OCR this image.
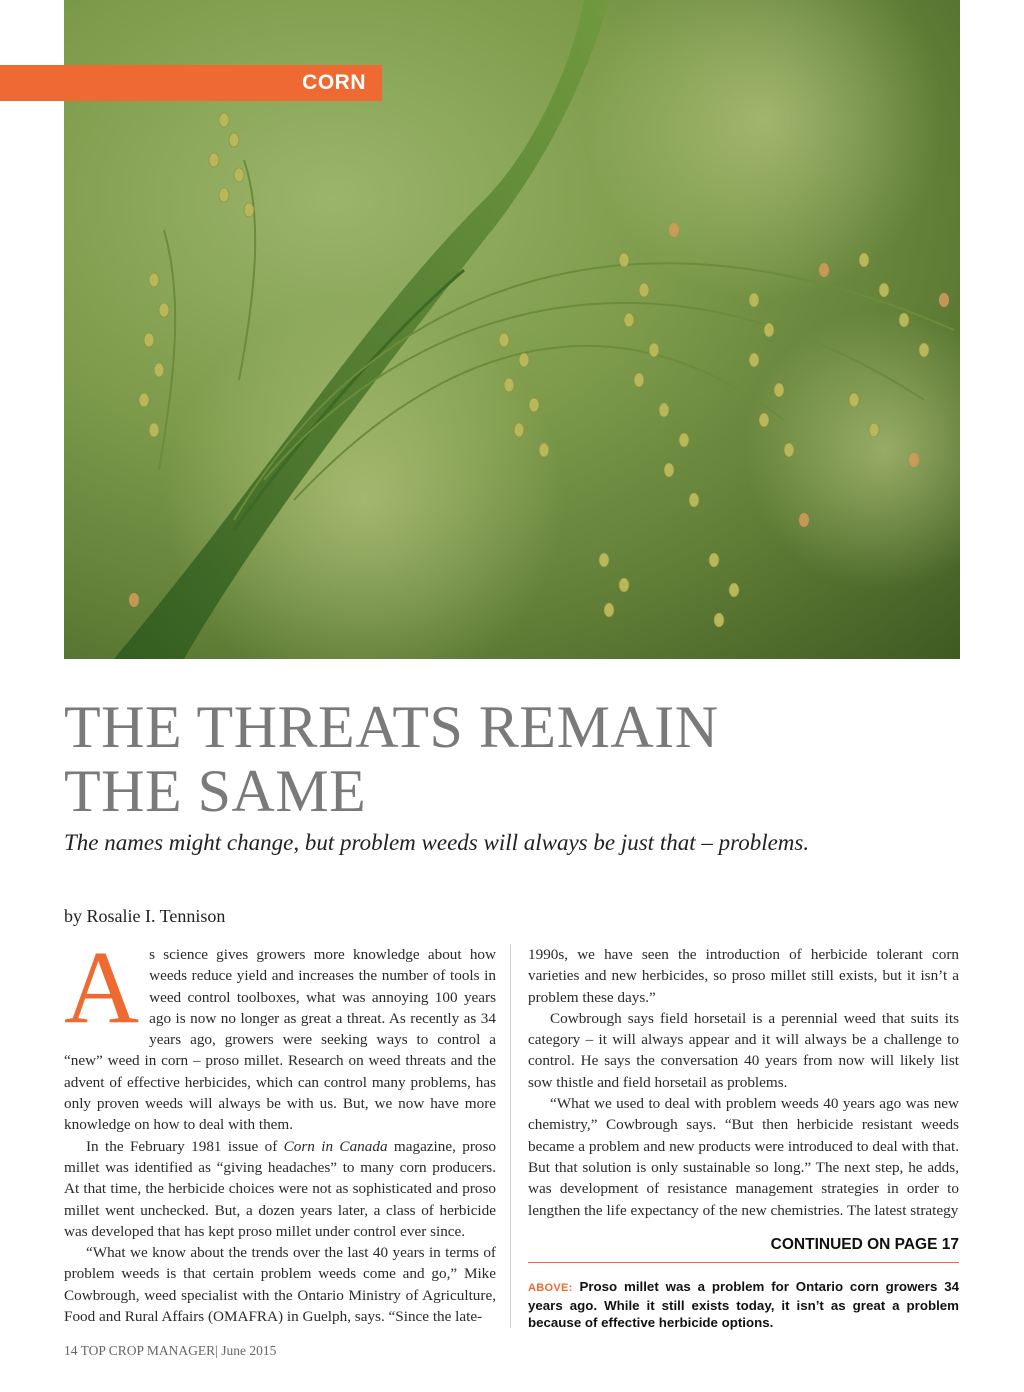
CORN
THE THREATS REMAIN
THE SAME

The names might change, but problem weeds will always be just that – problems.

by Rosalie I. Tennison

As science gives growers more knowledge about how weeds reduce yield and increases the number of tools in weed control toolboxes, what was annoying 100 years ago is now no longer as great a threat. As recently as 34 years ago, growers were seeking ways to control a “new” weed in corn – proso millet. Research on weed threats and the advent of effective herbicides, which can control many problems, has only proven weeds will always be with us. But, we now have more knowledge on how to deal with them.

In the February 1981 issue of Corn in Canada magazine, proso millet was identified as “giving headaches” to many corn producers. At that time, the herbicide choices were not as sophisticated and proso millet went unchecked. But, a dozen years later, a class of herbicide was developed that has kept proso millet under control ever since.

“What we know about the trends over the last 40 years in terms of problem weeds is that certain problem weeds come and go,” Mike Cowbrough, weed specialist with the Ontario Ministry of Agriculture, Food and Rural Affairs (OMAFRA) in Guelph, says. “Since the late-

1990s, we have seen the introduction of herbicide tolerant corn varieties and new herbicides, so proso millet still exists, but it isn’t a problem these days.”

Cowbrough says field horsetail is a perennial weed that suits its category – it will always appear and it will always be a challenge to control. He says the conversation 40 years from now will likely list sow thistle and field horsetail as problems.

“What we used to deal with problem weeds 40 years ago was new chemistry,” Cowbrough says. “But then herbicide resistant weeds became a problem and new products were introduced to deal with that. But that solution is only sustainable so long.” The next step, he adds, was development of resistance management strategies in order to lengthen the life expectancy of the new chemistries. The latest strategy

CONTINUED ON PAGE 17
ABOVE: Proso millet was a problem for Ontario corn growers 34 years ago. While it still exists today, it isn’t as great a problem because of effective herbicide options.
14 TOP CROP MANAGER| June 2015
